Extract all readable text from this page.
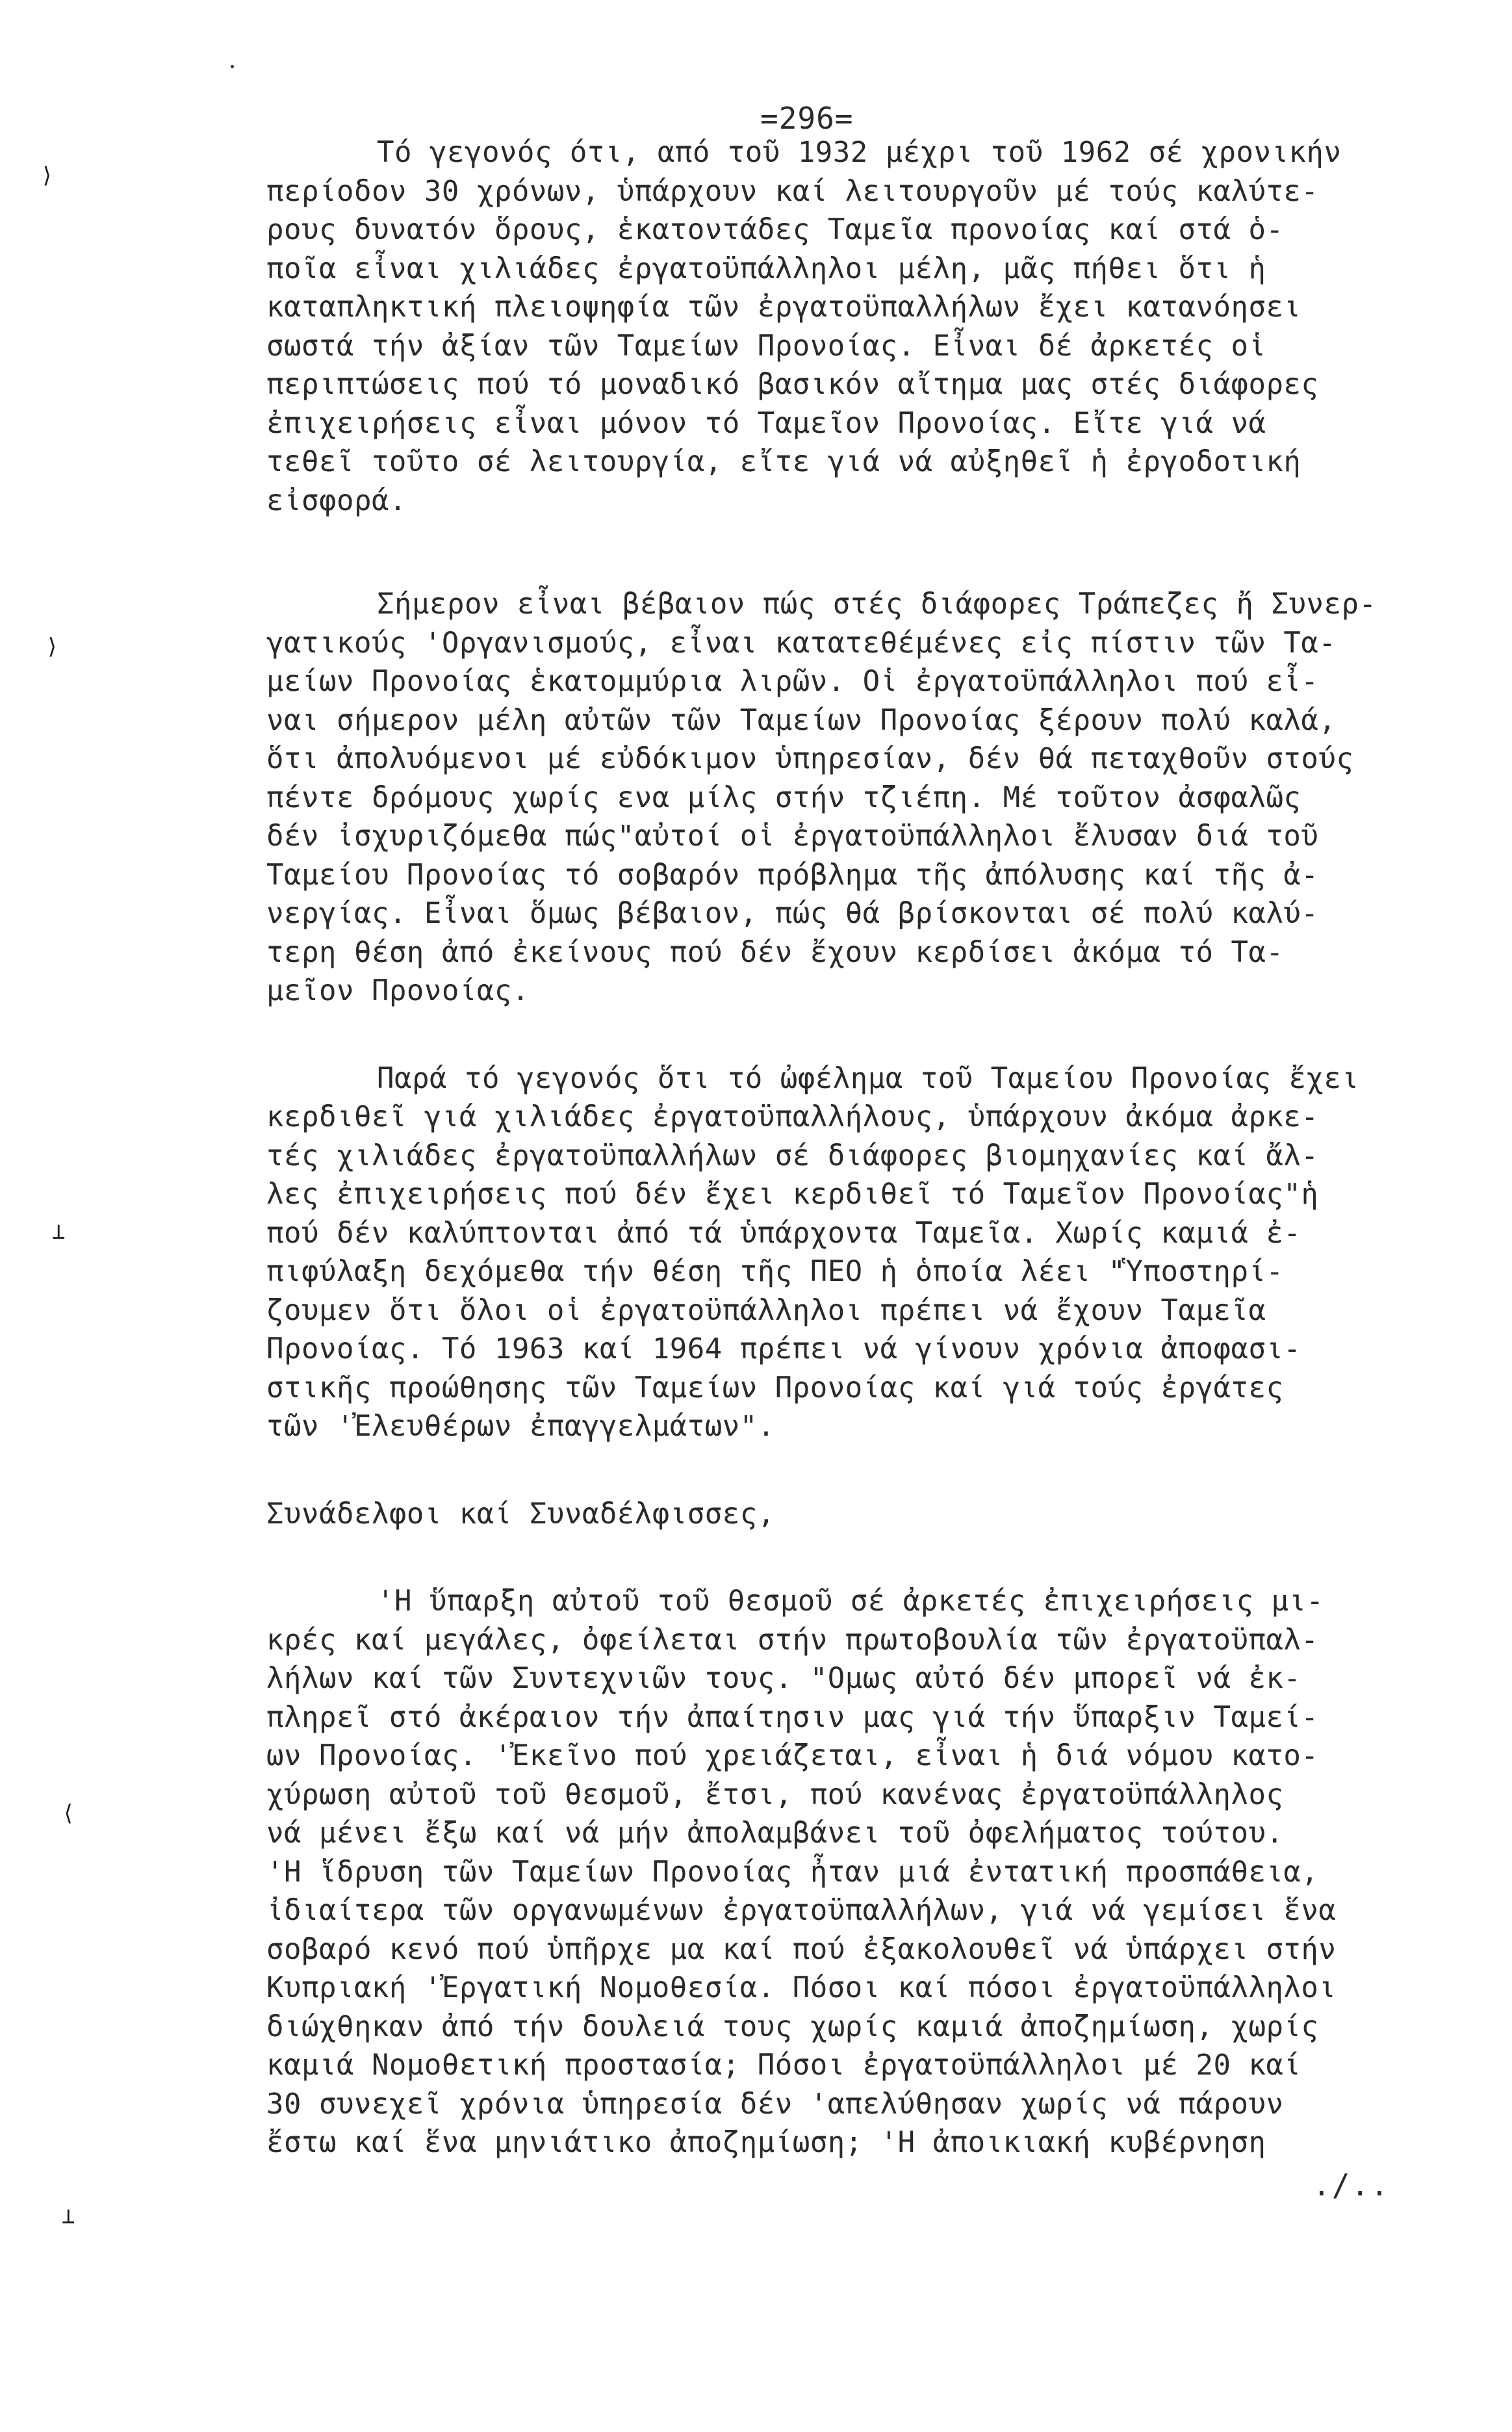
=296=
⟩
⟩
⊥
⟨
⊥
Τό γεγονός ότι, από τοῦ 1932 μέχρι τοῦ 1962 σέ χρονικήν
περίοδον 30 χρόνων, ὑπάρχουν καί λειτουργοῦν μέ τούς καλύτε-
ρους δυνατόν ὅρους, ἑκατοντάδες Ταμεῖα προνοίας καί στά ὁ-
ποῖα εἶναι χιλιάδες ἐργατοϋπάλληλοι μέλη, μᾶς πήθει ὅτι ἡ
καταπληκτική πλειοψηφία τῶν ἐργατοϋπαλλήλων ἔχει κατανόησει
σωστά τήν ἀξίαν τῶν Ταμείων Προνοίας. Εἶναι δέ ἀρκετές οἱ
περιπτώσεις πού τό μοναδικό βασικόν αἴτημα μας στές διάφορες
ἐπιχειρήσεις εἶναι μόνον τό Ταμεῖον Προνοίας. Εἴτε γιά νά
τεθεῖ τοῦτο σέ λειτουργία, εἴτε γιά νά αὐξηθεῖ ἡ ἐργοδοτική
εἰσφορά.
Σήμερον εἶναι βέβαιον πώς στές διάφορες Τράπεζες ἤ Συνερ-
γατικούς 'Οργανισμούς, εἶναι κατατεθέμένες εἰς πίστιν τῶν Τα-
μείων Προνοίας ἑκατομμύρια λιρῶν. Οἱ ἐργατοϋπάλληλοι πού εἶ-
ναι σήμερον μέλη αὐτῶν τῶν Ταμείων Προνοίας ξέρουν πολύ καλά,
ὅτι ἀπολυόμενοι μέ εὐδόκιμον ὑπηρεσίαν, δέν θά πεταχθοῦν στούς
πέντε δρόμους χωρίς ενα μίλς στήν τζιέπη. Μέ τοῦτον ἀσφαλῶς
δέν ἰσχυριζόμεθα πώς"αὐτοί οἱ ἐργατοϋπάλληλοι ἔλυσαν διά τοῦ
Ταμείου Προνοίας τό σοβαρόν πρόβλημα τῆς ἀπόλυσης καί τῆς ἀ-
νεργίας. Εἶναι ὅμως βέβαιον, πώς θά βρίσκονται σέ πολύ καλύ-
τερη θέση ἀπό ἐκείνους πού δέν ἔχουν κερδίσει ἀκόμα τό Τα-
μεῖον Προνοίας.
Παρά τό γεγονός ὅτι τό ὠφέλημα τοῦ Ταμείου Προνοίας ἔχει
κερδιθεῖ γιά χιλιάδες ἐργατοϋπαλλήλους, ὑπάρχουν ἀκόμα ἀρκε-
τές χιλιάδες ἐργατοϋπαλλήλων σέ διάφορες βιομηχανίες καί ἄλ-
λες ἐπιχειρήσεις πού δέν ἔχει κερδιθεῖ τό Ταμεῖον Προνοίας"ἡ
πού δέν καλύπτονται ἀπό τά ὑπάρχοντα Ταμεῖα. Χωρίς καμιά ἐ-
πιφύλαξη δεχόμεθα τήν θέση τῆς ΠΕΟ ἡ ὁποία λέει "Ὑποστηρί-
ζουμεν ὅτι ὅλοι οἱ ἐργατοϋπάλληλοι πρέπει νά ἔχουν Ταμεῖα
Προνοίας. Τό 1963 καί 1964 πρέπει νά γίνουν χρόνια ἀποφασι-
στικῆς προώθησης τῶν Ταμείων Προνοίας καί γιά τούς ἐργάτες
τῶν 'Ἐλευθέρων ἐπαγγελμάτων".
Συνάδελφοι καί Συναδέλφισσες,
'Η ὕπαρξη αὐτοῦ τοῦ θεσμοῦ σέ ἀρκετές ἐπιχειρήσεις μι-
κρές καί μεγάλες, ὀφείλεται στήν πρωτοβουλία τῶν ἐργατοϋπαλ-
λήλων καί τῶν Συντεχνιῶν τους. "Ομως αὐτό δέν μπορεῖ νά ἐκ-
πληρεῖ στό ἀκέραιον τήν ἀπαίτησιν μας γιά τήν ὕπαρξιν Ταμεί-
ων Προνοίας. 'Ἐκεῖνο πού χρειάζεται, εἶναι ἡ διά νόμου κατο-
χύρωση αὐτοῦ τοῦ θεσμοῦ, ἔτσι, πού κανένας ἐργατοϋπάλληλος
νά μένει ἔξω καί νά μήν ἀπολαμβάνει τοῦ ὀφελήματος τούτου.
'Η ἵδρυση τῶν Ταμείων Προνοίας ἦταν μιά ἐντατική προσπάθεια,
ἰδιαίτερα τῶν οργανωμένων ἐργατοϋπαλλήλων, γιά νά γεμίσει ἕνα
σοβαρό κενό πού ὑπῆρχε μα καί πού ἐξακολουθεῖ νά ὑπάρχει στήν
Κυπριακή 'Ἐργατική Νομοθεσία. Πόσοι καί πόσοι ἐργατοϋπάλληλοι
διώχθηκαν ἀπό τήν δουλειά τους χωρίς καμιά ἀποζημίωση, χωρίς
καμιά Νομοθετική προστασία; Πόσοι ἐργατοϋπάλληλοι μέ 20 καί
30 συνεχεῖ χρόνια ὑπηρεσία δέν 'απελύθησαν χωρίς νά πάρουν
ἔστω καί ἕνα μηνιάτικο ἀποζημίωση; 'Η ἀποικιακή κυβέρνηση
./..
